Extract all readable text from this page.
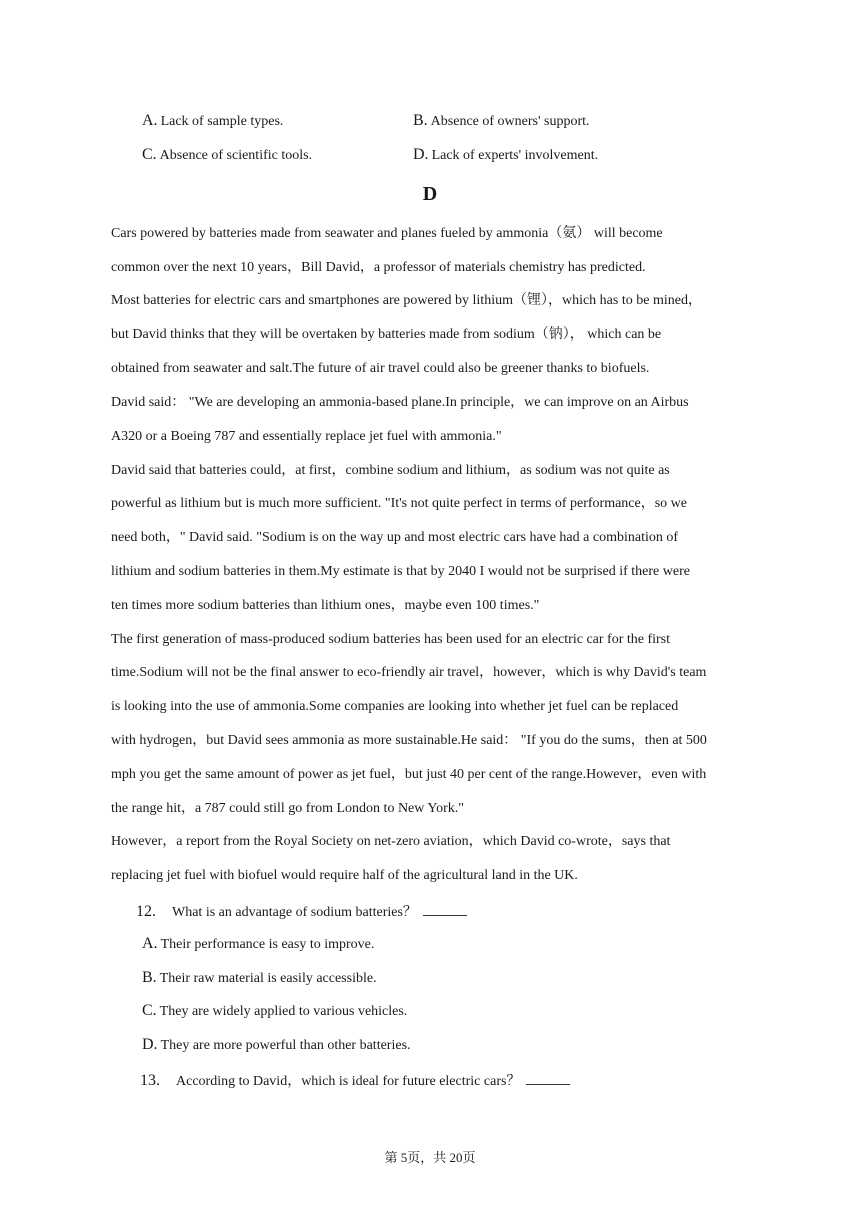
A. Lack of sample types.	B. Absence of owners' support.
C. Absence of scientific tools.	D. Lack of experts' involvement.
D
Cars powered by batteries made from seawater and planes fueled by ammonia（氨） will become
common over the next 10 years，Bill David，a professor of materials chemistry has predicted.
Most batteries for electric cars and smartphones are powered by lithium（锂），which has to be mined，
but David thinks that they will be overtaken by batteries made from sodium（钠）， which can be
obtained from seawater and salt.The future of air travel could also be greener thanks to biofuels.
David said： "We are developing an ammonia-based plane.In principle，we can improve on an Airbus
A320 or a Boeing 787 and essentially replace jet fuel with ammonia."
David said that batteries could，at first，combine sodium and lithium，as sodium was not quite as
powerful as lithium but is much more sufficient. "It's not quite perfect in terms of performance，so we
need both，" David said. "Sodium is on the way up and most electric cars have had a combination of
lithium and sodium batteries in them.My estimate is that by 2040 I would not be surprised if there were
ten times more sodium batteries than lithium ones，maybe even 100 times."
The first generation of mass-produced sodium batteries has been used for an electric car for the first
time.Sodium will not be the final answer to eco-friendly air travel，however，which is why David's team
is looking into the use of ammonia.Some companies are looking into whether jet fuel can be replaced
with hydrogen，but David sees ammonia as more sustainable.He said： "If you do the sums，then at 500
mph you get the same amount of power as jet fuel，but just 40 per cent of the range.However，even with
the range hit，a 787 could still go from London to New York."
However，a report from the Royal Society on net-zero aviation，which David co-wrote，says that
replacing jet fuel with biofuel would require half of the agricultural land in the UK.
12. What is an advantage of sodium batteries？
A. Their performance is easy to improve.
B. Their raw material is easily accessible.
C. They are widely applied to various vehicles.
D. They are more powerful than other batteries.
13. According to David，which is ideal for future electric cars？
第 5页，共 20页
